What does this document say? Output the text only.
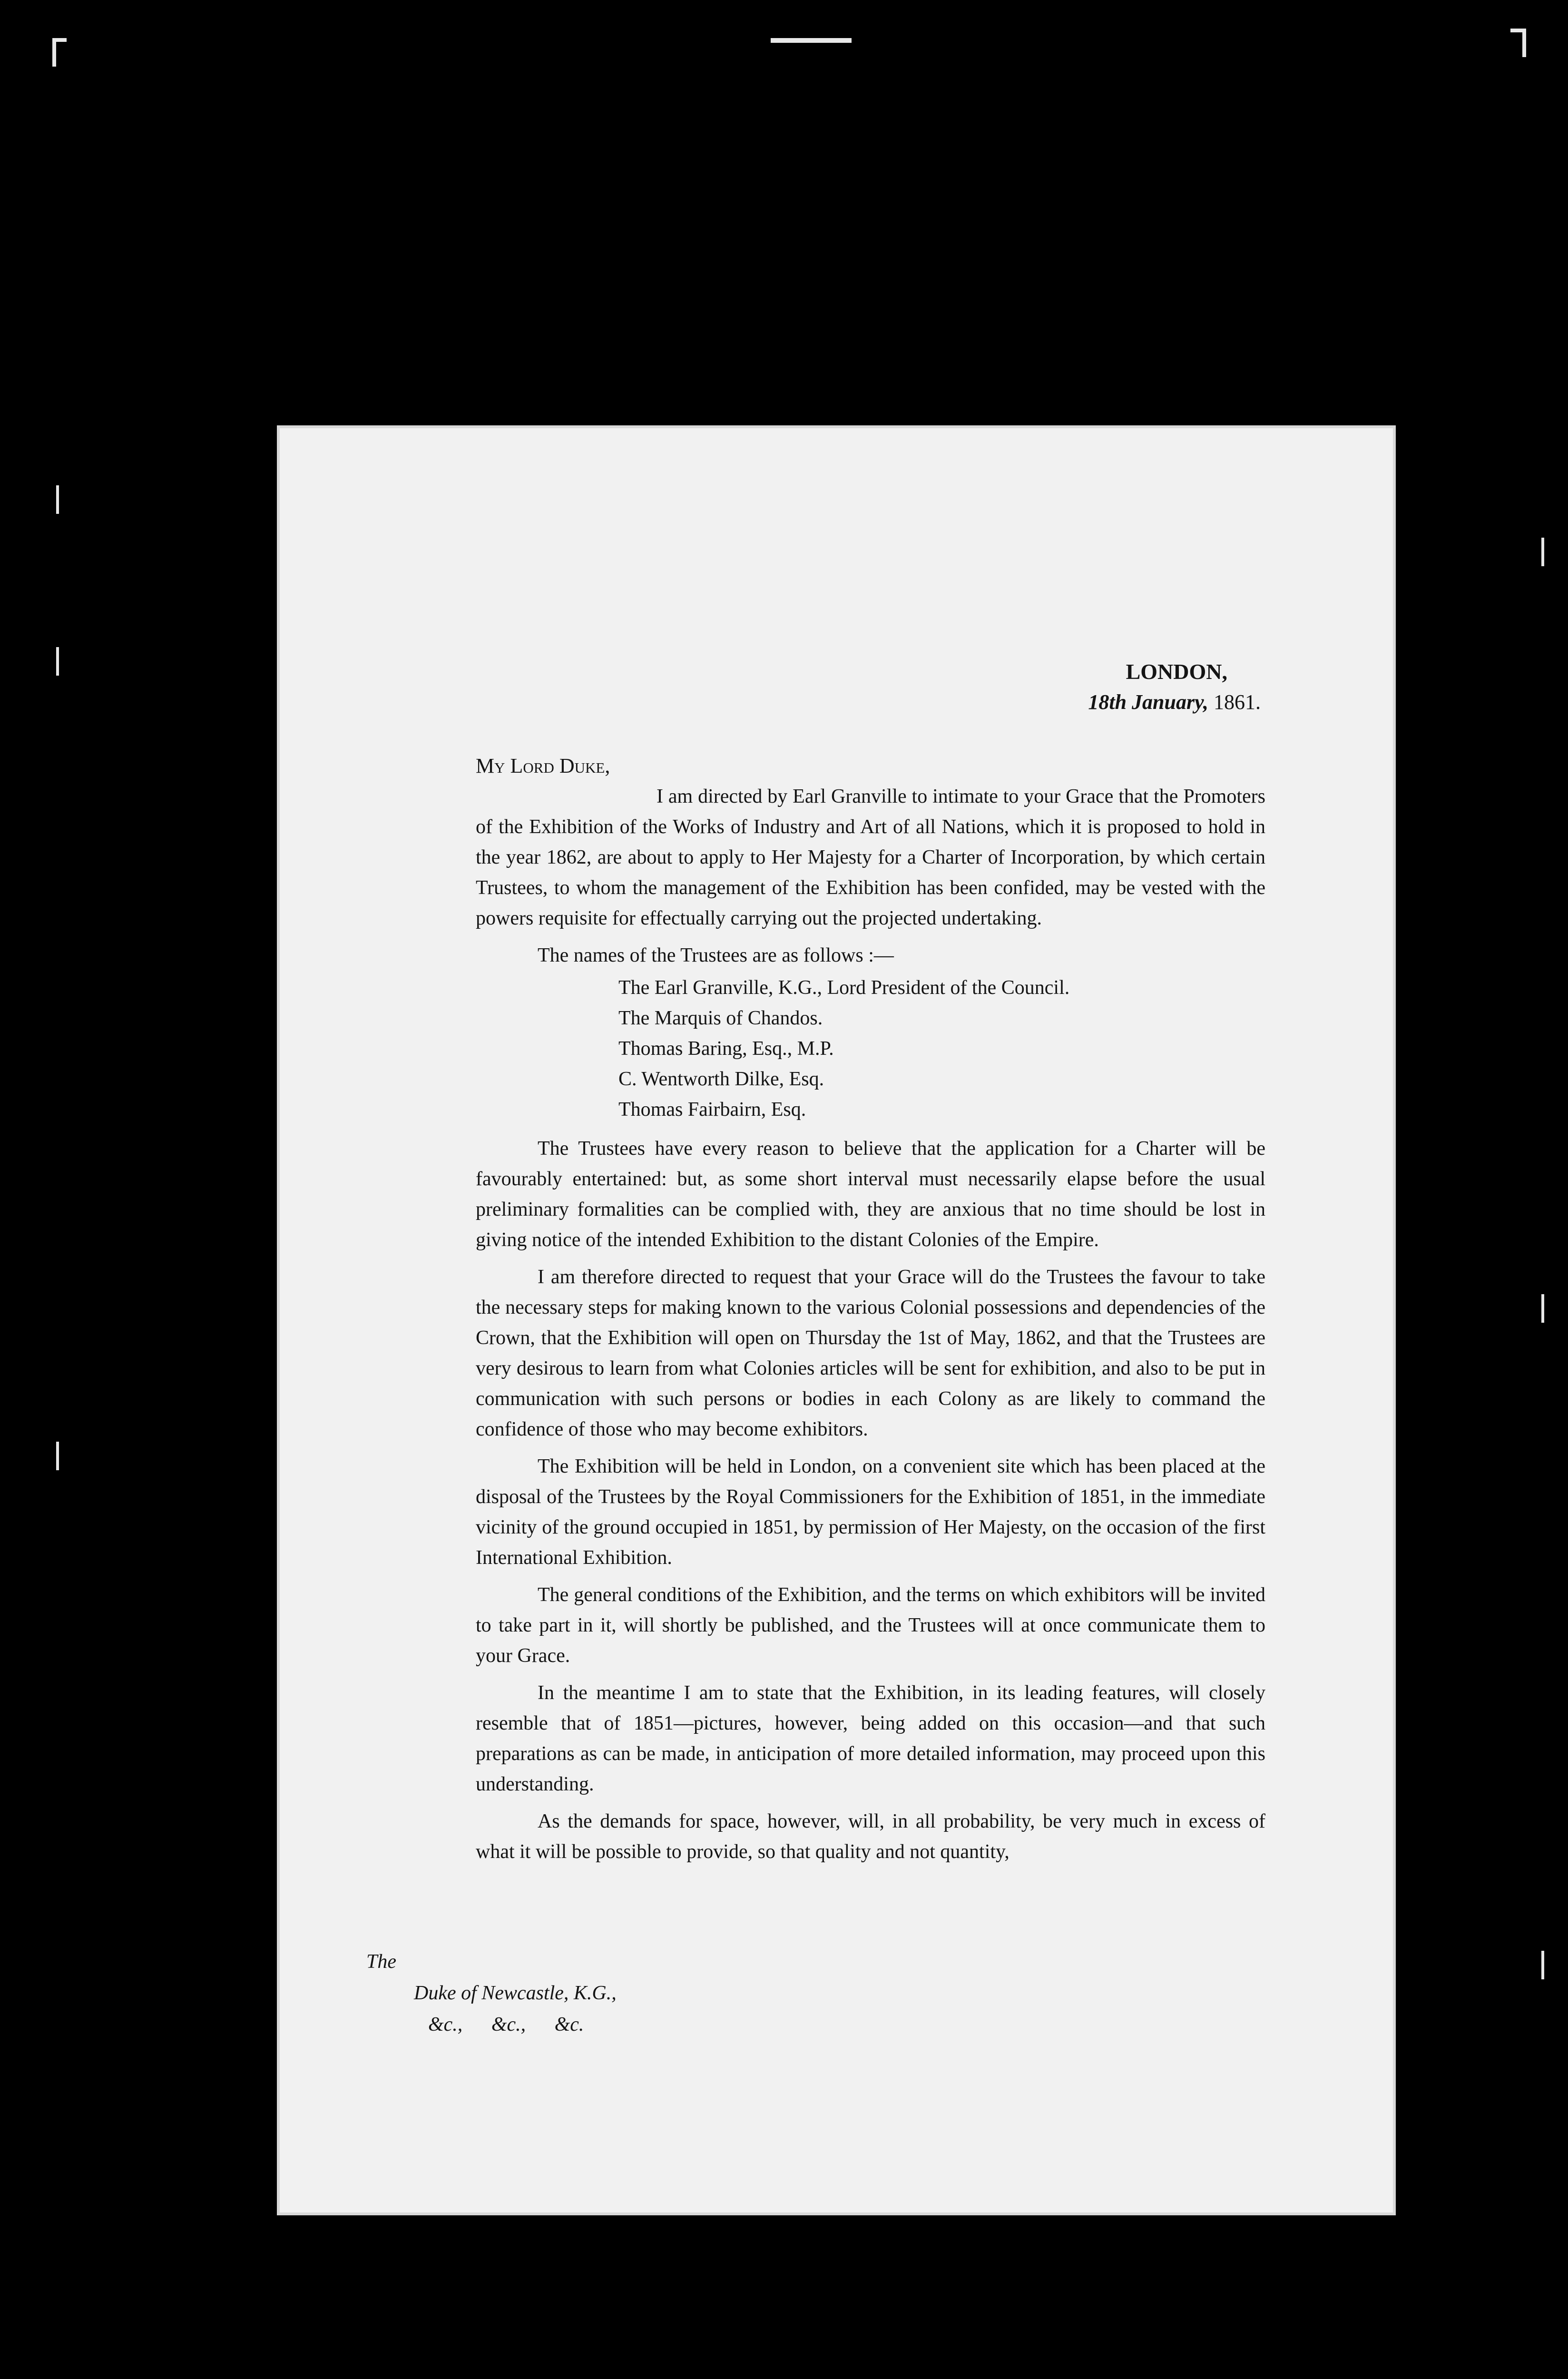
LONDON,
18th January, 1861.
My Lord Duke,

I am directed by Earl Granville to intimate to your Grace that the Promoters of the Exhibition of the Works of Industry and Art of all Nations, which it is proposed to hold in the year 1862, are about to apply to Her Majesty for a Charter of Incorporation, by which certain Trustees, to whom the management of the Exhibition has been confided, may be vested with the powers requisite for effectually carrying out the projected undertaking.

The names of the Trustees are as follows :—

The Earl Granville, K.G., Lord President of the Council.
The Marquis of Chandos.
Thomas Baring, Esq., M.P.
C. Wentworth Dilke, Esq.
Thomas Fairbairn, Esq.

The Trustees have every reason to believe that the application for a Charter will be favourably entertained: but, as some short interval must necessarily elapse before the usual preliminary formalities can be complied with, they are anxious that no time should be lost in giving notice of the intended Exhibition to the distant Colonies of the Empire.

I am therefore directed to request that your Grace will do the Trustees the favour to take the necessary steps for making known to the various Colonial possessions and dependencies of the Crown, that the Exhibition will open on Thursday the 1st of May, 1862, and that the Trustees are very desirous to learn from what Colonies articles will be sent for exhibition, and also to be put in communication with such persons or bodies in each Colony as are likely to command the confidence of those who may become exhibitors.

The Exhibition will be held in London, on a convenient site which has been placed at the disposal of the Trustees by the Royal Commissioners for the Exhibition of 1851, in the immediate vicinity of the ground occupied in 1851, by permission of Her Majesty, on the occasion of the first International Exhibition.

The general conditions of the Exhibition, and the terms on which exhibitors will be invited to take part in it, will shortly be published, and the Trustees will at once communicate them to your Grace.

In the meantime I am to state that the Exhibition, in its leading features, will closely resemble that of 1851—pictures, however, being added on this occasion—and that such preparations as can be made, in anticipation of more detailed information, may proceed upon this understanding.

As the demands for space, however, will, in all probability, be very much in excess of what it will be possible to provide, so that quality and not quantity,

The
Duke of Newcastle, K.G.,
&c., &c., &c.
